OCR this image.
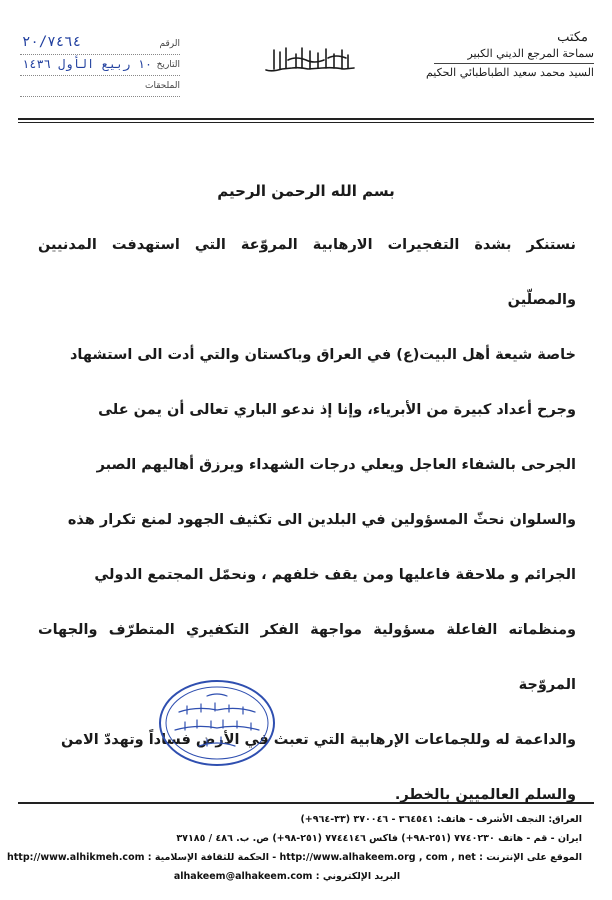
مكتب
سماحة المرجع الديني الكبير
السيد محمد سعيد الطباطبائي الحكيم
الرقم
٢٠/٧٤٦٤
التاريخ
١٠ ربيع الأول ١٤٣٦
الملحقات
بسم الله الرحمن الرحيم

نستنكر بشدة التفجيرات الارهابية المروّعة التي استهدفت المدنيين والمصلّين

خاصة شيعة أهل البيت(ع) في العراق وباكستان والتي أدت الى استشهاد

وجرح أعداد كبيرة من الأبرياء، وإنا إذ ندعو الباري تعالى أن يمن على

الجرحى بالشفاء العاجل ويعلي درجات الشهداء ويرزق أهاليهم الصبر

والسلوان نحثّ المسؤولين في البلدين الى تكثيف الجهود لمنع تكرار هذه

الجرائم و ملاحقة فاعليها ومن يقف خلفهم ، ونحمّل المجتمع الدولي

ومنظماته الفاعلة مسؤولية مواجهة الفكر التكفيري المتطرّف والجهات المروّجة

والداعمة له وللجماعات الإرهابية التي تعبث في الأرض فساداً وتهددّ الامن

والسلم العالميين بالخطر.

العراق: النجف الأشرف - هاتف: ٣٦٤٥٤١ - ٣٧٠٠٤٦ (٣٣-٩٦٤+)
ايران - قم - هاتف ٧٧٤٠٢٣٠ (٢٥١-٩٨+) فاكس ٧٧٤٤١٤٦ (٢٥١-٩٨+) ص. ب. ٤٨٦ / ٣٧١٨٥
الموقع على الإنترنت : http://www.alhakeem.org , com , net - الحكمة للثقافة الإسلامية : http://www.alhikmeh.com
البريد الإلكتروني : alhakeem@alhakeem.com
